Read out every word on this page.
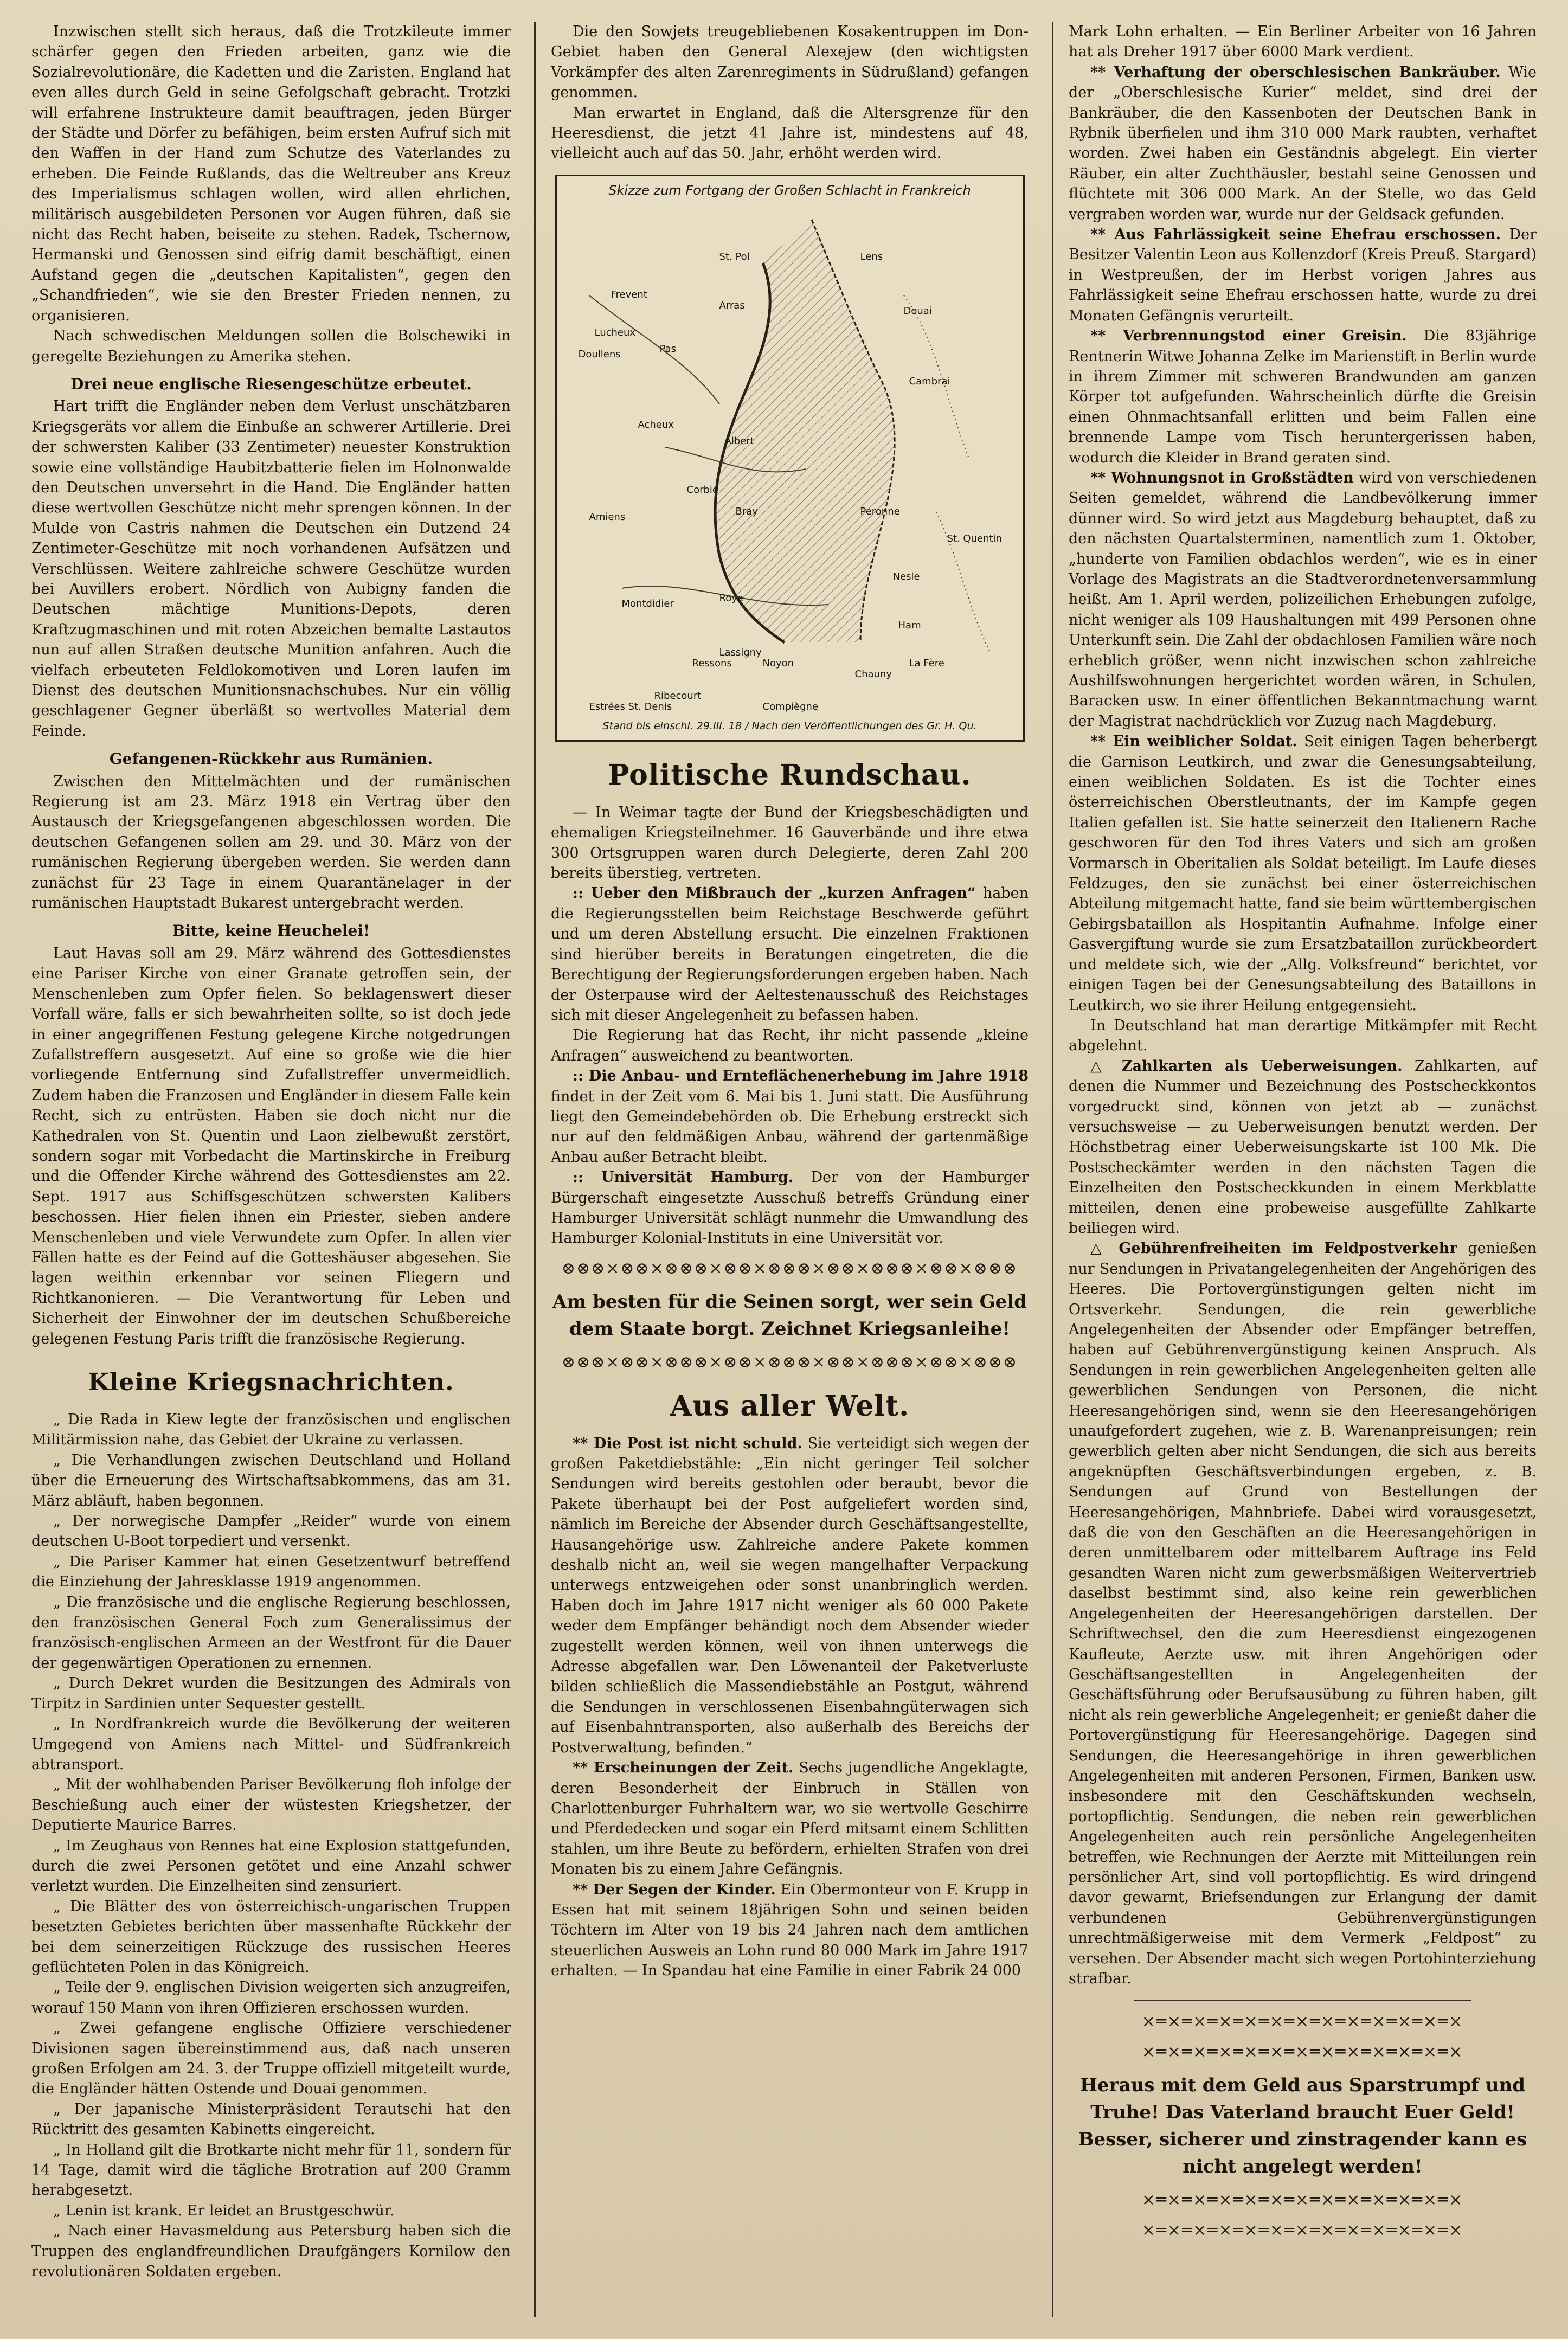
Inzwischen stellt sich heraus, daß die Trotzkileute immer schärfer gegen den Frieden arbeiten, ganz wie die Sozialrevolutionäre, die Kadetten und die Zaristen. England hat even alles durch Geld in seine Gefolgschaft gebracht. Trotzki will erfahrene Instrukteure damit beauftragen, jeden Bürger der Städte und Dörfer zu befähigen, beim ersten Aufruf sich mit den Waffen in der Hand zum Schutze des Vaterlandes zu erheben. Die Feinde Rußlands, das die Weltreuber ans Kreuz des Imperialismus schlagen wollen, wird allen ehrlichen, militärisch ausgebildeten Personen vor Augen führen, daß sie nicht das Recht haben, beiseite zu stehen. Radek, Tschernow, Hermanski und Genossen sind eifrig damit beschäftigt, einen Aufstand gegen die „deutschen Kapitalisten“, gegen den „Schandfrieden“, wie sie den Brester Frieden nennen, zu organisieren.

Nach schwedischen Meldungen sollen die Bolschewiki in geregelte Beziehungen zu Amerika stehen.

Drei neue englische Riesengeschütze erbeutet.

Hart trifft die Engländer neben dem Verlust unschätzbaren Kriegsgeräts vor allem die Einbuße an schwerer Artillerie. Drei der schwersten Kaliber (33 Zentimeter) neuester Konstruktion sowie eine vollständige Haubitzbatterie fielen im Holnonwalde den Deutschen unversehrt in die Hand. Die Engländer hatten diese wertvollen Geschütze nicht mehr sprengen können. In der Mulde von Castris nahmen die Deutschen ein Dutzend 24 Zentimeter-Geschütze mit noch vorhandenen Aufsätzen und Verschlüssen. Weitere zahlreiche schwere Geschütze wurden bei Auvillers erobert. Nördlich von Aubigny fanden die Deutschen mächtige Munitions-Depots, deren Kraftzugmaschinen und mit roten Abzeichen bemalte Lastautos nun auf allen Straßen deutsche Munition anfahren. Auch die vielfach erbeuteten Feldlokomotiven und Loren laufen im Dienst des deutschen Munitionsnachschubes. Nur ein völlig geschlagener Gegner überläßt so wertvolles Material dem Feinde.

Gefangenen-Rückkehr aus Rumänien.

Zwischen den Mittelmächten und der rumänischen Regierung ist am 23. März 1918 ein Vertrag über den Austausch der Kriegsgefangenen abgeschlossen worden. Die deutschen Gefangenen sollen am 29. und 30. März von der rumänischen Regierung übergeben werden. Sie werden dann zunächst für 23 Tage in einem Quarantänelager in der rumänischen Hauptstadt Bukarest untergebracht werden.

Bitte, keine Heuchelei!

Laut Havas soll am 29. März während des Gottesdienstes eine Pariser Kirche von einer Granate getroffen sein, der Menschenleben zum Opfer fielen. So beklagenswert dieser Vorfall wäre, falls er sich bewahrheiten sollte, so ist doch jede in einer angegriffenen Festung gelegene Kirche notgedrungen Zufallstreffern ausgesetzt. Auf eine so große wie die hier vorliegende Entfernung sind Zufallstreffer unvermeidlich. Zudem haben die Franzosen und Engländer in diesem Falle kein Recht, sich zu entrüsten. Haben sie doch nicht nur die Kathedralen von St. Quentin und Laon zielbewußt zerstört, sondern sogar mit Vorbedacht die Martinskirche in Freiburg und die Offender Kirche während des Gottesdienstes am 22. Sept. 1917 aus Schiffsgeschützen schwersten Kalibers beschossen. Hier fielen ihnen ein Priester, sieben andere Menschenleben und viele Verwundete zum Opfer. In allen vier Fällen hatte es der Feind auf die Gotteshäuser abgesehen. Sie lagen weithin erkennbar vor seinen Fliegern und Richtkanonieren. — Die Verantwortung für Leben und Sicherheit der Einwohner der im deutschen Schußbereiche gelegenen Festung Paris trifft die französische Regierung.

Kleine Kriegsnachrichten.

„ Die Rada in Kiew legte der französischen und englischen Militärmission nahe, das Gebiet der Ukraine zu verlassen.

„ Die Verhandlungen zwischen Deutschland und Holland über die Erneuerung des Wirtschaftsabkommens, das am 31. März abläuft, haben begonnen.

„ Der norwegische Dampfer „Reider“ wurde von einem deutschen U-Boot torpediert und versenkt.

„ Die Pariser Kammer hat einen Gesetzentwurf betreffend die Einziehung der Jahresklasse 1919 angenommen.

„ Die französische und die englische Regierung beschlossen, den französischen General Foch zum Generalissimus der französisch-englischen Armeen an der Westfront für die Dauer der gegenwärtigen Operationen zu ernennen.

„ Durch Dekret wurden die Besitzungen des Admirals von Tirpitz in Sardinien unter Sequester gestellt.

„ In Nordfrankreich wurde die Bevölkerung der weiteren Umgegend von Amiens nach Mittel- und Südfrankreich abtransport.

„ Mit der wohlhabenden Pariser Bevölkerung floh infolge der Beschießung auch einer der wüstesten Kriegshetzer, der Deputierte Maurice Barres.

„ Im Zeughaus von Rennes hat eine Explosion stattgefunden, durch die zwei Personen getötet und eine Anzahl schwer verletzt wurden. Die Einzelheiten sind zensuriert.

„ Die Blätter des von österreichisch-ungarischen Truppen besetzten Gebietes berichten über massenhafte Rückkehr der bei dem seinerzeitigen Rückzuge des russischen Heeres geflüchteten Polen in das Königreich.

„ Teile der 9. englischen Division weigerten sich anzugreifen, worauf 150 Mann von ihren Offizieren erschossen wurden.

„ Zwei gefangene englische Offiziere verschiedener Divisionen sagen übereinstimmend aus, daß nach unseren großen Erfolgen am 24. 3. der Truppe offiziell mitgeteilt wurde, die Engländer hätten Ostende und Douai genommen.

„ Der japanische Ministerpräsident Terautschi hat den Rücktritt des gesamten Kabinetts eingereicht.

„ In Holland gilt die Brotkarte nicht mehr für 11, sondern für 14 Tage, damit wird die tägliche Brotration auf 200 Gramm herabgesetzt.

„ Lenin ist krank. Er leidet an Brustgeschwür.

„ Nach einer Havasmeldung aus Petersburg haben sich die Truppen des englandfreundlichen Draufgängers Kornilow den revolutionären Soldaten ergeben.

Die den Sowjets treugebliebenen Kosakentruppen im Don-Gebiet haben den General Alexejew (den wichtigsten Vorkämpfer des alten Zarenregiments in Südrußland) gefangen genommen.

Man erwartet in England, daß die Altersgrenze für den Heeresdienst, die jetzt 41 Jahre ist, mindestens auf 48, vielleicht auch auf das 50. Jahr, erhöht werden wird.

Skizze zum Fortgang der Großen Schlacht in Frankreich
St. Pol	Lens
Frevent
Arras	Douai
Lucheux
Doullens	Pas
Cambrai
Acheux
Albert
Corbie
Amiens	Bray	Peronne
Nesle
St. Quentin
Ham
Montdidier	Roye
Lassigny
Noyon
Ressons
Chauny
La Fère
Ribecourt
Compiègne
Estrées St. Denis
Stand bis einschl. 29.III. 18 / Nach den Veröffentlichungen des Gr. H. Qu.

Politische Rundschau.

— In Weimar tagte der Bund der Kriegsbeschädigten und ehemaligen Kriegsteilnehmer. 16 Gauverbände und ihre etwa 300 Ortsgruppen waren durch Delegierte, deren Zahl 200 bereits überstieg, vertreten.

:: Ueber den Mißbrauch der „kurzen Anfragen“ haben die Regierungsstellen beim Reichstage Beschwerde geführt und um deren Abstellung ersucht. Die einzelnen Fraktionen sind hierüber bereits in Beratungen eingetreten, die die Berechtigung der Regierungsforderungen ergeben haben. Nach der Osterpause wird der Aeltestenausschuß des Reichstages sich mit dieser Angelegenheit zu befassen haben.

Die Regierung hat das Recht, ihr nicht passende „kleine Anfragen“ ausweichend zu beantworten.

:: Die Anbau- und Ernteflächenerhebung im Jahre 1918 findet in der Zeit vom 6. Mai bis 1. Juni statt. Die Ausführung liegt den Gemeindebehörden ob. Die Erhebung erstreckt sich nur auf den feldmäßigen Anbau, während der gartenmäßige Anbau außer Betracht bleibt.

:: Universität Hamburg. Der von der Hamburger Bürgerschaft eingesetzte Ausschuß betreffs Gründung einer Hamburger Universität schlägt nunmehr die Umwandlung des Hamburger Kolonial-Instituts in eine Universität vor.

⊗⊗⊗×⊗⊗×⊗⊗⊗×⊗⊗×⊗⊗⊗×⊗⊗×⊗⊗⊗×⊗⊗×⊗⊗⊗

Am besten für die Seinen sorgt, wer sein Geld dem Staate borgt. Zeichnet Kriegsanleihe!

⊗⊗⊗×⊗⊗×⊗⊗⊗×⊗⊗×⊗⊗⊗×⊗⊗×⊗⊗⊗×⊗⊗×⊗⊗⊗

Aus aller Welt.

** Die Post ist nicht schuld. Sie verteidigt sich wegen der großen Paketdiebstähle: „Ein nicht geringer Teil solcher Sendungen wird bereits gestohlen oder beraubt, bevor die Pakete überhaupt bei der Post aufgeliefert worden sind, nämlich im Bereiche der Absender durch Geschäftsangestellte, Hausangehörige usw. Zahlreiche andere Pakete kommen deshalb nicht an, weil sie wegen mangelhafter Verpackung unterwegs entzweigehen oder sonst unanbringlich werden. Haben doch im Jahre 1917 nicht weniger als 60 000 Pakete weder dem Empfänger behändigt noch dem Absender wieder zugestellt werden können, weil von ihnen unterwegs die Adresse abgefallen war. Den Löwenanteil der Paketverluste bilden schließlich die Massendiebstähle an Postgut, während die Sendungen in verschlossenen Eisenbahngüterwagen sich auf Eisenbahntransporten, also außerhalb des Bereichs der Postverwaltung, befinden.“

** Erscheinungen der Zeit. Sechs jugendliche Angeklagte, deren Besonderheit der Einbruch in Ställen von Charlottenburger Fuhrhaltern war, wo sie wertvolle Geschirre und Pferdedecken und sogar ein Pferd mitsamt einem Schlitten stahlen, um ihre Beute zu befördern, erhielten Strafen von drei Monaten bis zu einem Jahre Gefängnis.

** Der Segen der Kinder. Ein Obermonteur von F. Krupp in Essen hat mit seinem 18jährigen Sohn und seinen beiden Töchtern im Alter von 19 bis 24 Jahren nach dem amtlichen steuerlichen Ausweis an Lohn rund 80 000 Mark im Jahre 1917 erhalten. — In Spandau hat eine Familie in einer Fabrik 24 000

Mark Lohn erhalten. — Ein Berliner Arbeiter von 16 Jahren hat als Dreher 1917 über 6000 Mark verdient.

** Verhaftung der oberschlesischen Bankräuber. Wie der „Oberschlesische Kurier“ meldet, sind drei der Bankräuber, die den Kassenboten der Deutschen Bank in Rybnik überfielen und ihm 310 000 Mark raubten, verhaftet worden. Zwei haben ein Geständnis abgelegt. Ein vierter Räuber, ein alter Zuchthäusler, bestahl seine Genossen und flüchtete mit 306 000 Mark. An der Stelle, wo das Geld vergraben worden war, wurde nur der Geldsack gefunden.

** Aus Fahrlässigkeit seine Ehefrau erschossen. Der Besitzer Valentin Leon aus Kollenzdorf (Kreis Preuß. Stargard) in Westpreußen, der im Herbst vorigen Jahres aus Fahrlässigkeit seine Ehefrau erschossen hatte, wurde zu drei Monaten Gefängnis verurteilt.

** Verbrennungstod einer Greisin. Die 83jährige Rentnerin Witwe Johanna Zelke im Marienstift in Berlin wurde in ihrem Zimmer mit schweren Brandwunden am ganzen Körper tot aufgefunden. Wahrscheinlich dürfte die Greisin einen Ohnmachtsanfall erlitten und beim Fallen eine brennende Lampe vom Tisch heruntergerissen haben, wodurch die Kleider in Brand geraten sind.

** Wohnungsnot in Großstädten wird von verschiedenen Seiten gemeldet, während die Landbevölkerung immer dünner wird. So wird jetzt aus Magdeburg behauptet, daß zu den nächsten Quartalsterminen, namentlich zum 1. Oktober, „hunderte von Familien obdachlos werden“, wie es in einer Vorlage des Magistrats an die Stadtverordnetenversammlung heißt. Am 1. April werden, polizeilichen Erhebungen zufolge, nicht weniger als 109 Haushaltungen mit 499 Personen ohne Unterkunft sein. Die Zahl der obdachlosen Familien wäre noch erheblich größer, wenn nicht inzwischen schon zahlreiche Aushilfswohnungen hergerichtet worden wären, in Schulen, Baracken usw. In einer öffentlichen Bekanntmachung warnt der Magistrat nachdrücklich vor Zuzug nach Magdeburg.

** Ein weiblicher Soldat. Seit einigen Tagen beherbergt die Garnison Leutkirch, und zwar die Genesungsabteilung, einen weiblichen Soldaten. Es ist die Tochter eines österreichischen Oberstleutnants, der im Kampfe gegen Italien gefallen ist. Sie hatte seinerzeit den Italienern Rache geschworen für den Tod ihres Vaters und sich am großen Vormarsch in Oberitalien als Soldat beteiligt. Im Laufe dieses Feldzuges, den sie zunächst bei einer österreichischen Abteilung mitgemacht hatte, fand sie beim württembergischen Gebirgsbataillon als Hospitantin Aufnahme. Infolge einer Gasvergiftung wurde sie zum Ersatzbataillon zurückbeordert und meldete sich, wie der „Allg. Volksfreund“ berichtet, vor einigen Tagen bei der Genesungsabteilung des Bataillons in Leutkirch, wo sie ihrer Heilung entgegensieht.

In Deutschland hat man derartige Mitkämpfer mit Recht abgelehnt.

△ Zahlkarten als Ueberweisungen. Zahlkarten, auf denen die Nummer und Bezeichnung des Postscheckkontos vorgedruckt sind, können von jetzt ab — zunächst versuchsweise — zu Ueberweisungen benutzt werden. Der Höchstbetrag einer Ueberweisungskarte ist 100 Mk. Die Postscheckämter werden in den nächsten Tagen die Einzelheiten den Postscheckkunden in einem Merkblatte mitteilen, denen eine probeweise ausgefüllte Zahlkarte beiliegen wird.

△ Gebührenfreiheiten im Feldpostverkehr genießen nur Sendungen in Privatangelegenheiten der Angehörigen des Heeres. Die Portovergünstigungen gelten nicht im Ortsverkehr. Sendungen, die rein gewerbliche Angelegenheiten der Absender oder Empfänger betreffen, haben auf Gebührenvergünstigung keinen Anspruch. Als Sendungen in rein gewerblichen Angelegenheiten gelten alle gewerblichen Sendungen von Personen, die nicht Heeresangehörigen sind, wenn sie den Heeresangehörigen unaufgefordert zugehen, wie z. B. Warenanpreisungen; rein gewerblich gelten aber nicht Sendungen, die sich aus bereits angeknüpften Geschäftsverbindungen ergeben, z. B. Sendungen auf Grund von Bestellungen der Heeresangehörigen, Mahnbriefe. Dabei wird vorausgesetzt, daß die von den Geschäften an die Heeresangehörigen in deren unmittelbarem oder mittelbarem Auftrage ins Feld gesandten Waren nicht zum gewerbsmäßigen Weitervertrieb daselbst bestimmt sind, also keine rein gewerblichen Angelegenheiten der Heeresangehörigen darstellen. Der Schriftwechsel, den die zum Heeresdienst eingezogenen Kaufleute, Aerzte usw. mit ihren Angehörigen oder Geschäftsangestellten in Angelegenheiten der Geschäftsführung oder Berufsausübung zu führen haben, gilt nicht als rein gewerbliche Angelegenheit; er genießt daher die Portovergünstigung für Heeresangehörige. Dagegen sind Sendungen, die Heeresangehörige in ihren gewerblichen Angelegenheiten mit anderen Personen, Firmen, Banken usw. insbesondere mit den Geschäftskunden wechseln, portopflichtig. Sendungen, die neben rein gewerblichen Angelegenheiten auch rein persönliche Angelegenheiten betreffen, wie Rechnungen der Aerzte mit Mitteilungen rein persönlicher Art, sind voll portopflichtig. Es wird dringend davor gewarnt, Briefsendungen zur Erlangung der damit verbundenen Gebührenvergünstigungen unrechtmäßigerweise mit dem Vermerk „Feldpost“ zu versehen. Der Absender macht sich wegen Portohinterziehung strafbar.

×═×═×═×═×═×═×═×═×═×═×═×═×
×═×═×═×═×═×═×═×═×═×═×═×═×

Heraus mit dem Geld aus Sparstrumpf und Truhe! Das Vaterland braucht Euer Geld! Besser, sicherer und zinstragender kann es nicht angelegt werden!

×═×═×═×═×═×═×═×═×═×═×═×═×
×═×═×═×═×═×═×═×═×═×═×═×═×
